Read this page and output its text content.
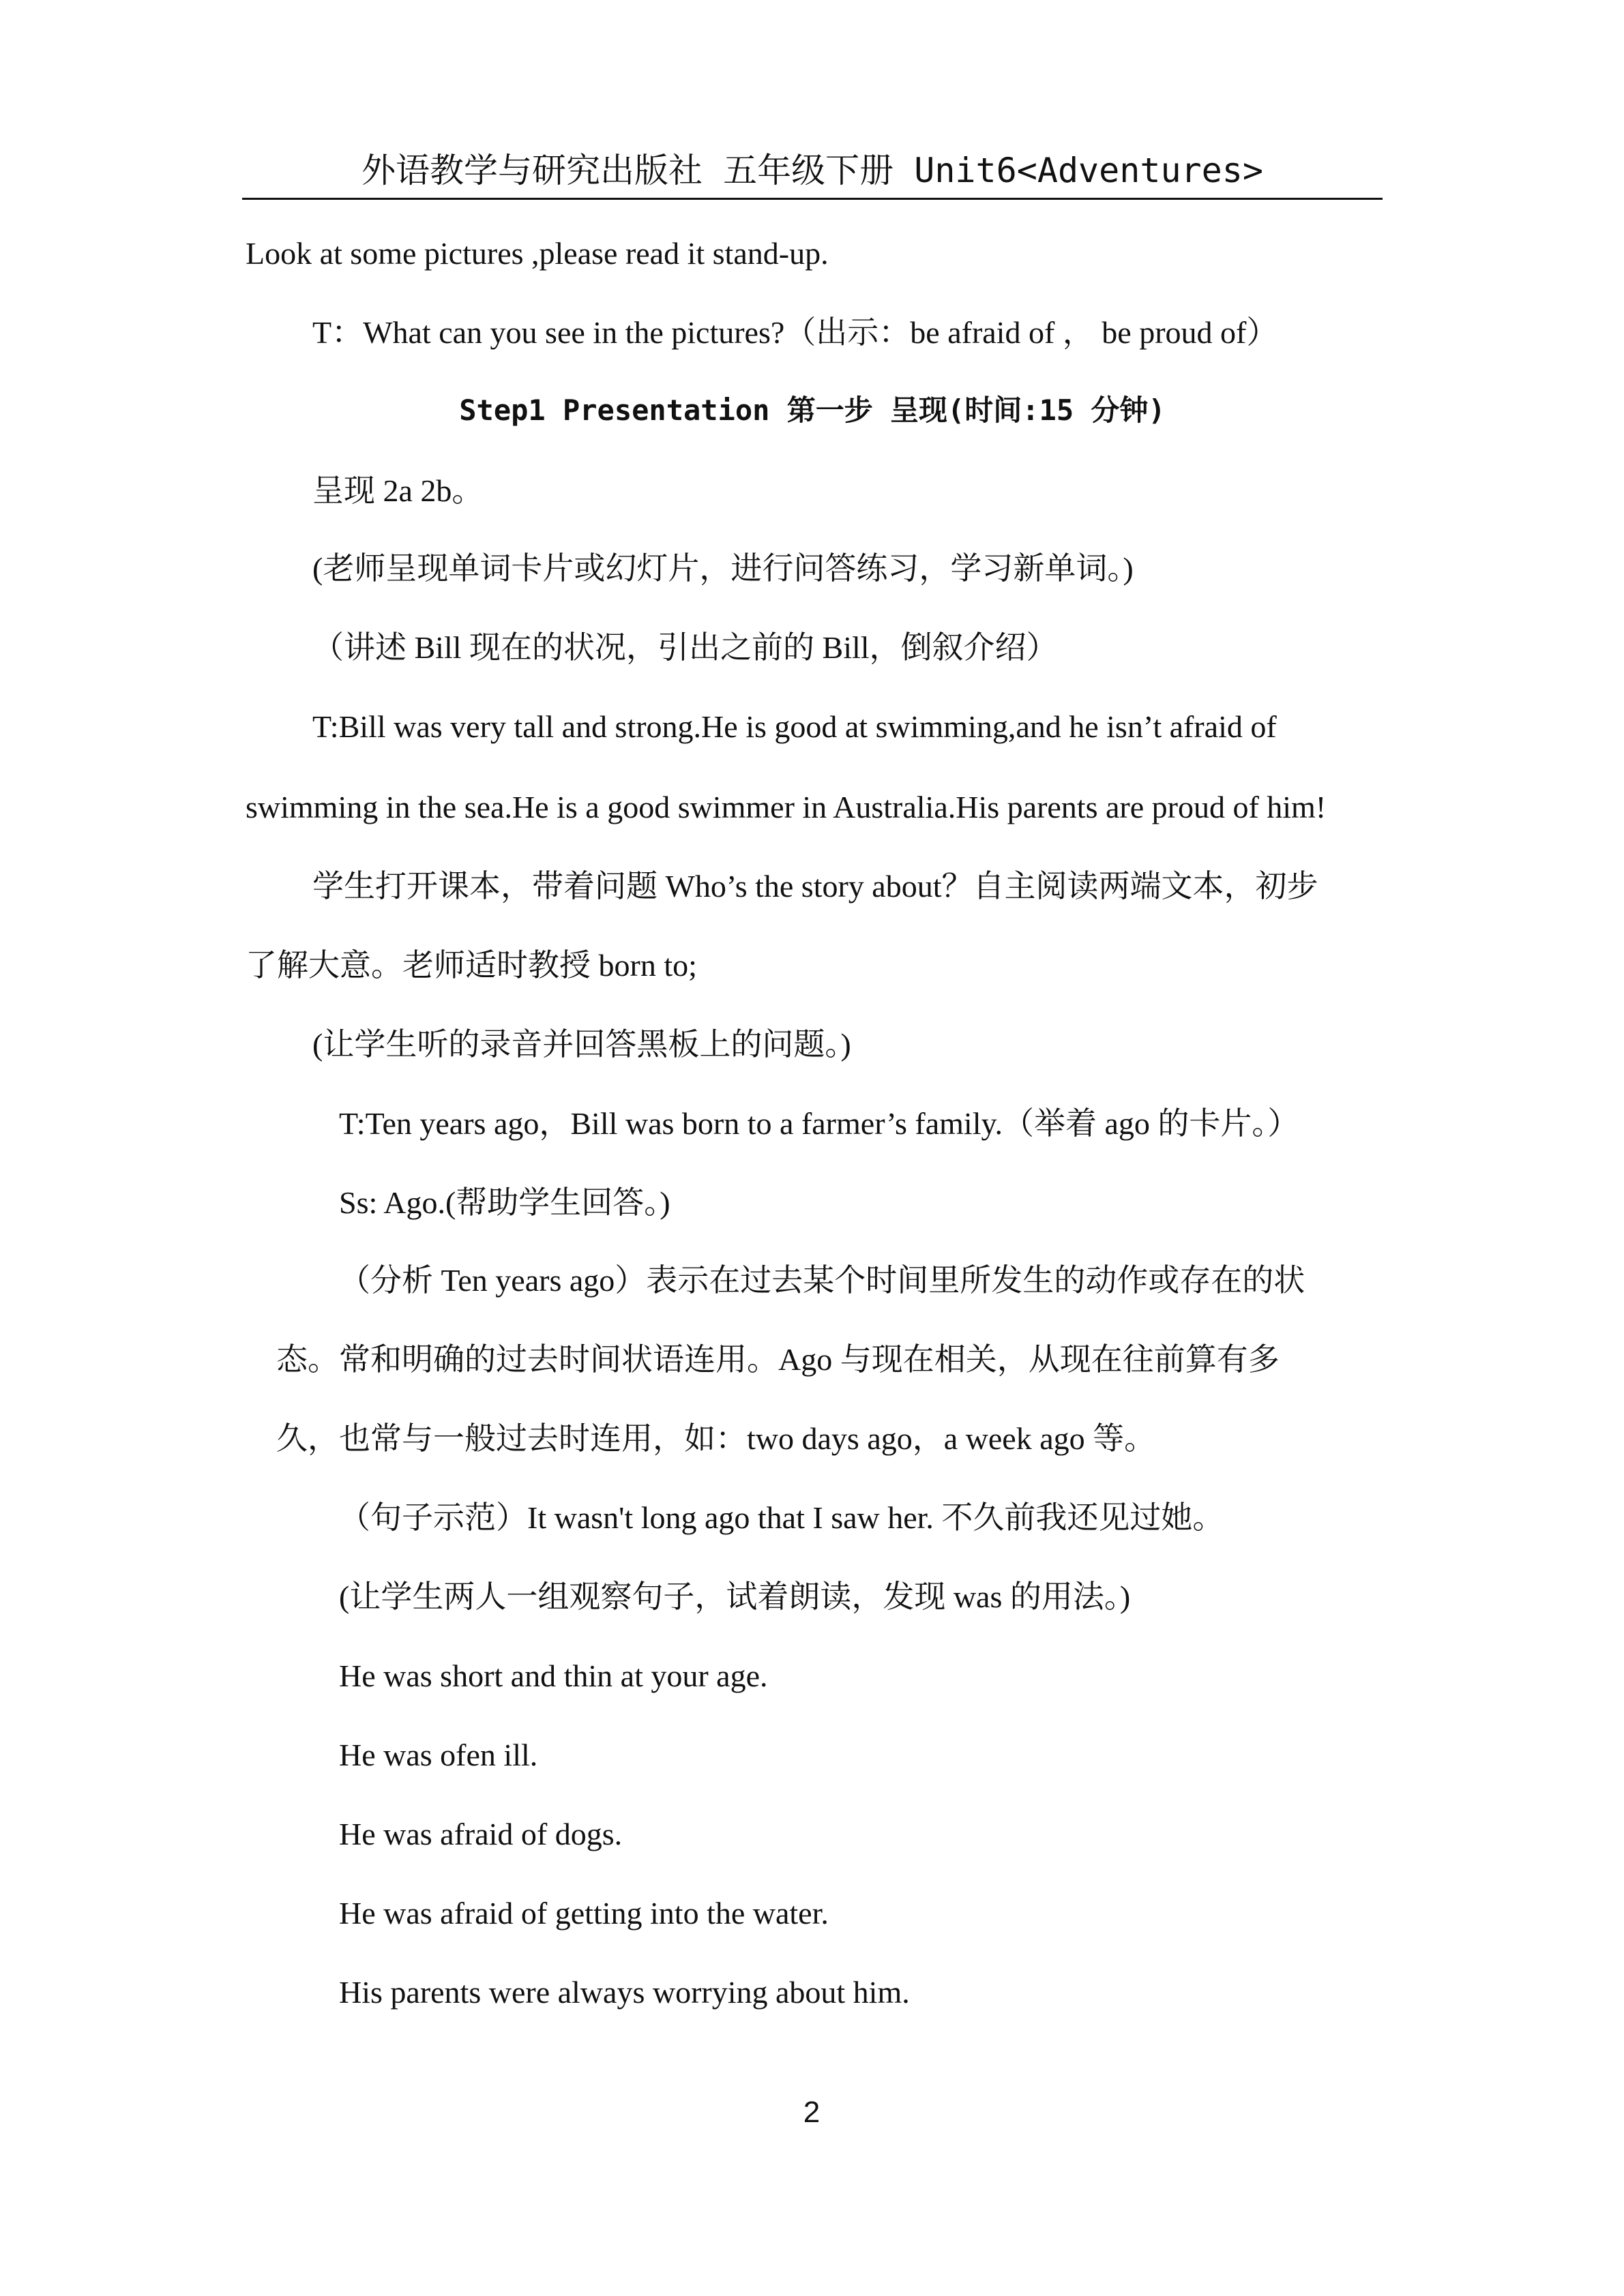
外语教学与研究出版社 五年级下册 Unit6<Adventures>
Look at some pictures ,please read it stand-up.
T：What can you see in the pictures?（出示：be afraid of ， be proud of）
Step1 Presentation 第一步 呈现(时间:15 分钟)
呈现 2a 2b。
(老师呈现单词卡片或幻灯片，进行问答练习，学习新单词。)
（讲述 Bill 现在的状况，引出之前的 Bill，倒叙介绍）
T:Bill was very tall and strong.He is good at swimming,and he isn’t afraid of
swimming in the sea.He is a good swimmer in Australia.His parents are proud of him!
学生打开课本，带着问题 Who’s the story about？自主阅读两端文本，初步
了解大意。老师适时教授 born to;
(让学生听的录音并回答黑板上的问题。)
T:Ten years ago，Bill was born to a farmer’s family.（举着 ago 的卡片。）
Ss: Ago.(帮助学生回答。)
（分析 Ten years ago）表示在过去某个时间里所发生的动作或存在的状
态。常和明确的过去时间状语连用。Ago 与现在相关，从现在往前算有多
久，也常与一般过去时连用，如：two days ago，a week ago 等。
（句子示范）It wasn't long ago that I saw her. 不久前我还见过她。
(让学生两人一组观察句子，试着朗读，发现 was 的用法。)
He was short and thin at your age.
He was ofen ill.
He was afraid of dogs.
He was afraid of getting into the water.
His parents were always worrying about him.
2
